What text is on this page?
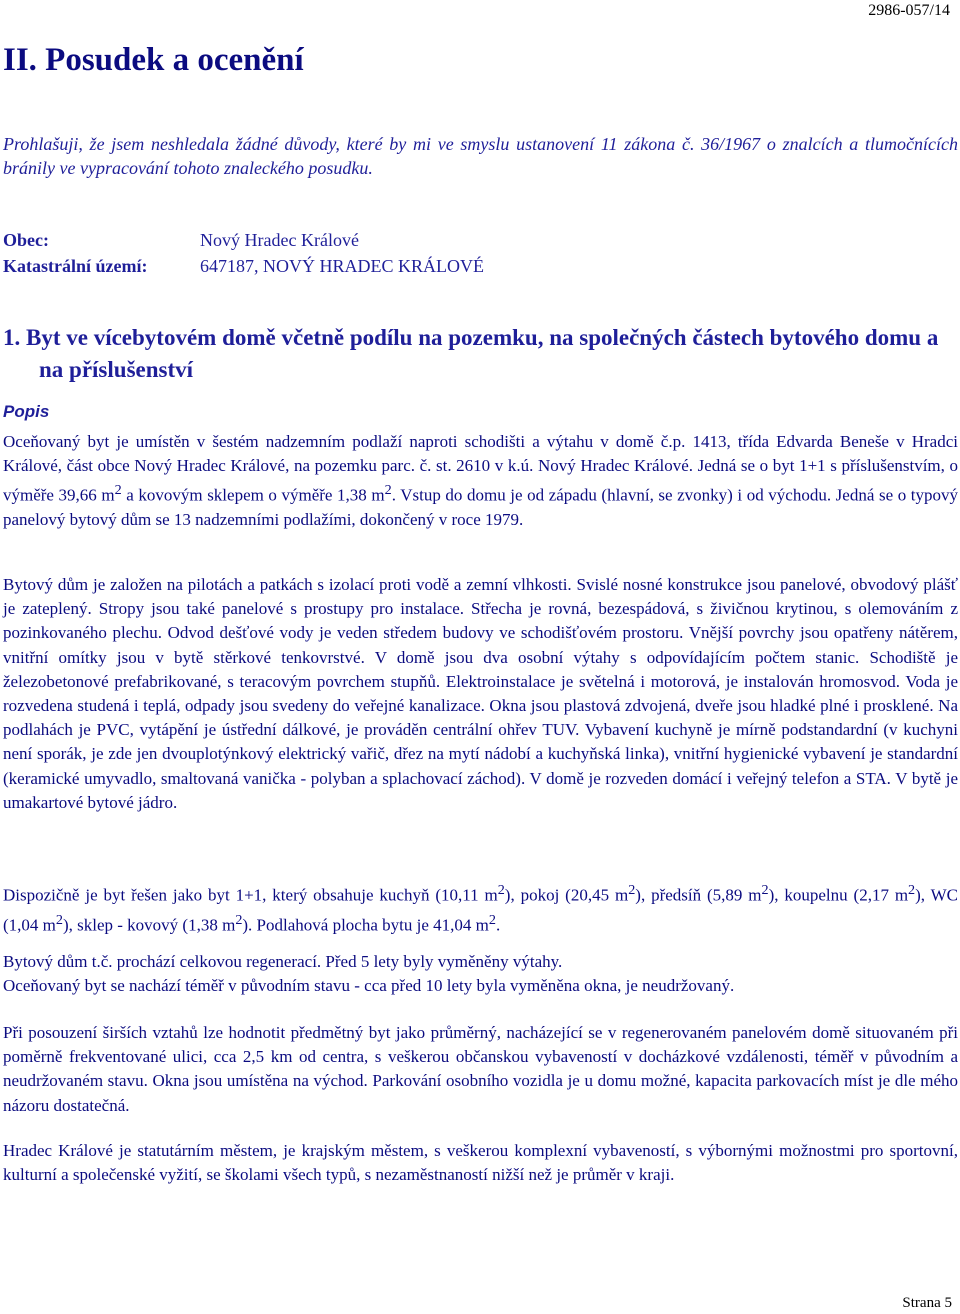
2986-057/14
II. Posudek a ocenění
Prohlašuji, že jsem neshledala žádné důvody, které by mi ve smyslu ustanovení 11 zákona č. 36/1967 o znalcích a tlumočnících bránily ve vypracování tohoto znaleckého posudku.
Obec:	Nový Hradec Králové
Katastrální území:	647187, NOVÝ HRADEC KRÁLOVÉ
1. Byt ve vícebytovém domě včetně podílu na pozemku, na společných částech bytového domu a na příslušenství
Popis

Oceňovaný byt je umístěn v šestém nadzemním podlaží naproti schodišti a výtahu v domě č.p. 1413, třída Edvarda Beneše v Hradci Králové, část obce Nový Hradec Králové, na pozemku parc. č. st. 2610 v k.ú. Nový Hradec Králové. Jedná se o byt 1+1 s příslušenstvím, o výměře 39,66 $m^2$ a kovovým sklepem o výměře 1,38 $m^2$. Vstup do domu je od západu (hlavní, se zvonky) i od východu. Jedná se o typový panelový bytový dům se 13 nadzemními podlažími, dokončený v roce 1979.

Bytový dům je založen na pilotách a patkách s izolací proti vodě a zemní vlhkosti. Svislé nosné konstrukce jsou panelové, obvodový plášť je zateplený. Stropy jsou také panelové s prostupy pro instalace. Střecha je rovná, bezespádová, s živičnou krytinou, s olemováním z pozinkovaného plechu. Odvod dešťové vody je veden středem budovy ve schodišťovém prostoru. Vnější povrchy jsou opatřeny nátěrem, vnitřní omítky jsou v bytě stěrkové tenkovrstvé. V domě jsou dva osobní výtahy s odpovídajícím počtem stanic. Schodiště je železobetonové prefabrikované, s teracovým povrchem stupňů. Elektroinstalace je světelná i motorová, je instalován hromosvod. Voda je rozvedena studená i teplá, odpady jsou svedeny do veřejné kanalizace. Okna jsou plastová zdvojená, dveře jsou hladké plné i prosklené. Na podlahách je PVC, vytápění je ústřední dálkové, je prováděn centrální ohřev TUV. Vybavení kuchyně je mírně podstandardní (v kuchyni není sporák, je zde jen dvouplotýnkový elektrický vařič, dřez na mytí nádobí a kuchyňská linka), vnitřní hygienické vybavení je standardní (keramické umyvadlo, smaltovaná vanička - polyban a splachovací záchod). V domě je rozveden domácí i veřejný telefon a STA. V bytě je umakartové bytové jádro.

Dispozičně je byt řešen jako byt 1+1, který obsahuje kuchyň (10,11 $m^2$), pokoj (20,45 $m^2$), předsíň (5,89 $m^2$), koupelnu (2,17 $m^2$), WC (1,04 $m^2$), sklep - kovový (1,38 $m^2$). Podlahová plocha bytu je 41,04 $m^2$.

Bytový dům t.č. prochází celkovou regenerací. Před 5 lety byly vyměněny výtahy.

Oceňovaný byt se nachází téměř v původním stavu - cca před 10 lety byla vyměněna okna, je neudržovaný.

Při posouzení širších vztahů lze hodnotit předmětný byt jako průměrný, nacházející se v regenerovaném panelovém domě situovaném při poměrně frekventované ulici, cca 2,5 km od centra, s veškerou občanskou vybaveností v docházkové vzdálenosti, téměř v původním a neudržovaném stavu. Okna jsou umístěna na východ. Parkování osobního vozidla je u domu možné, kapacita parkovacích míst je dle mého názoru dostatečná.

Hradec Králové je statutárním městem, je krajským městem, s veškerou komplexní vybaveností, s výbornými možnostmi pro sportovní, kulturní a společenské vyžití, se školami všech typů, s nezaměstnaností nižší než je průměr v kraji.

Strana 5
